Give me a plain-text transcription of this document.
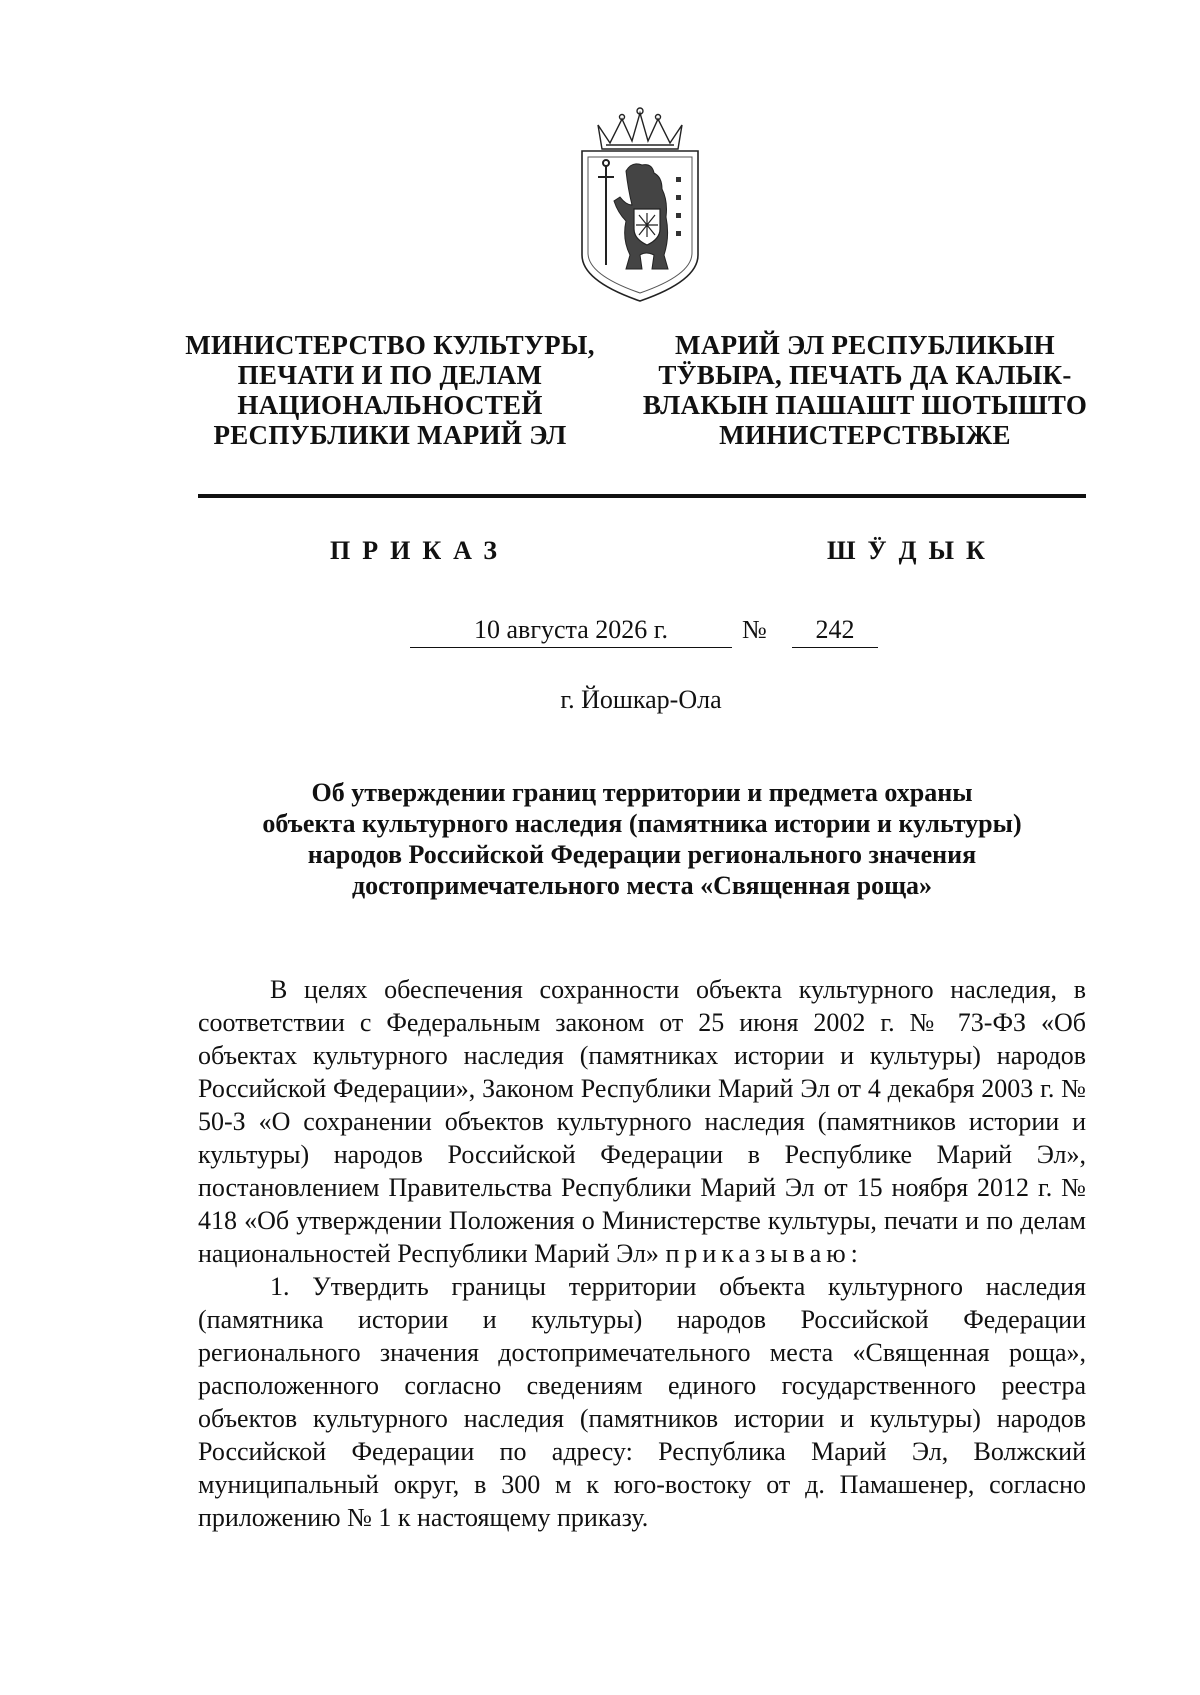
МИНИСТЕРСТВО КУЛЬТУРЫ,
ПЕЧАТИ И ПО ДЕЛАМ
НАЦИОНАЛЬНОСТЕЙ
РЕСПУБЛИКИ МАРИЙ ЭЛ
МАРИЙ ЭЛ РЕСПУБЛИКЫН
ТӰВЫРА, ПЕЧАТЬ ДА КАЛЫК-
ВЛАКЫН ПАШАШТ ШОТЫШТО
МИНИСТЕРСТВЫЖЕ
ПРИКАЗ	ШӰДЫК
10 августа 2026 г.	№	242
г. Йошкар-Ола
Об утверждении границ территории и предмета охраны
объекта культурного наследия (памятника истории и культуры)
народов Российской Федерации регионального значения
достопримечательного места «Священная роща»

В целях обеспечения сохранности объекта культурного наследия, в соответствии с Федеральным законом от 25 июня 2002 г. № 73-ФЗ «Об объектах культурного наследия (памятниках истории и культуры) народов Российской Федерации», Законом Республики Марий Эл от 4 декабря 2003 г. № 50-З «О сохранении объектов культурного наследия (памятников истории и культуры) народов Российской Федерации в Республике Марий Эл», постановлением Правительства Республики Марий Эл от 15 ноября 2012 г. № 418 «Об утверждении Положения о Министерстве культуры, печати и по делам национальностей Республики Марий Эл» приказываю:

1. Утвердить границы территории объекта культурного наследия (памятника истории и культуры) народов Российской Федерации регионального значения достопримечательного места «Священная роща», расположенного согласно сведениям единого государственного реестра объектов культурного наследия (памятников истории и культуры) народов Российской Федерации по адресу: Республика Марий Эл, Волжский муниципальный округ, в 300 м к юго-востоку от д. Памашенер, согласно приложению № 1 к настоящему приказу.
